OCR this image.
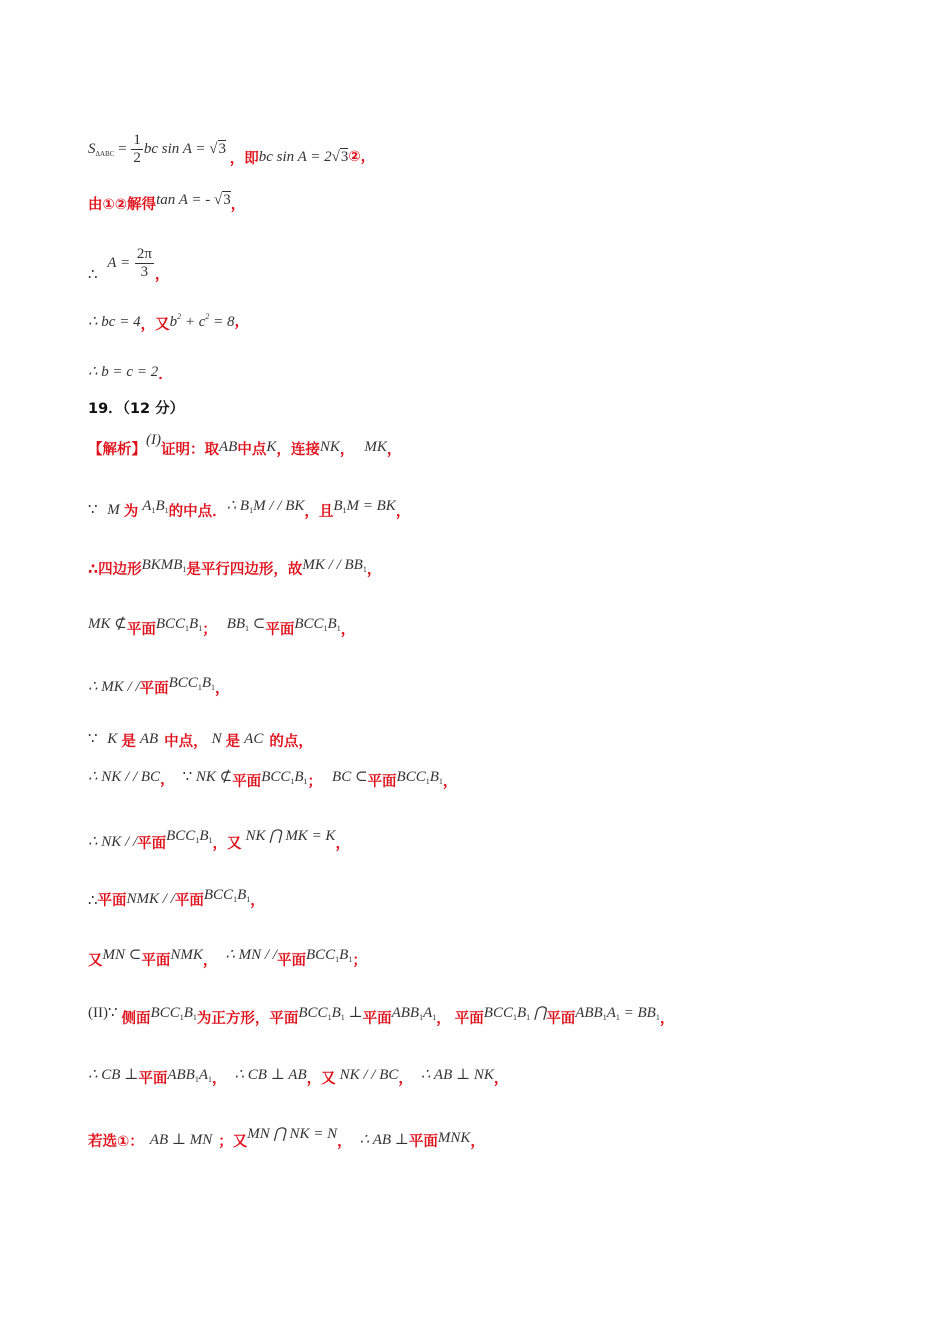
$S_{\Delta ABC} = \frac{1}{2}$ bc sin A = √3 ，即bc sin A = 2√3②，
由①②解得tan A = - √3，
∴ $A = \frac{2\pi}{3}$ ，
∴ bc = 4，又$b^2 + c^2 = 8$，
∴ b = c = 2．
19．（12 分）
【解析】(I)证明：取AB中点K，连接NK， MK，
∵ M 为 $A_1B_1$的中点．∴ $B_1M$ / / BK，且$B_1M$ = BK，
∴四边形$BKMB_1$是平行四边形，故MK / / $BB_1$，
MK ⊄平面$BCC_1B_1$； $BB_1$ ⊂平面$BCC_1B_1$，
∴ MK / /平面$BCC_1B_1$，
∵ K 是 AB 中点， N 是 AC 的点，
∴ NK / / BC， ∵ NK ⊄平面$BCC_1B_1$； BC ⊂平面$BCC_1B_1$，
∴ NK / /平面$BCC_1B_1$，又 NK ⋂ MK = K，
∴平面NMK / /平面$BCC_1B_1$，
又MN ⊂平面NMK， ∴ MN / /平面$BCC_1B_1$；
(II)∵ 侧面$BCC_1B_1$为正方形，平面$BCC_1B_1$ ⊥平面$ABB_1A_1$， 平面$BCC_1B_1$ ⋂平面$ABB_1A_1 = BB_1$，
∴ CB ⊥平面$ABB_1A_1$， ∴ CB ⊥ AB，又 NK / / BC， ∴ AB ⊥ NK，
若选①： AB ⊥ MN ；又MN ⋂ NK = N， ∴ AB ⊥平面MNK，
